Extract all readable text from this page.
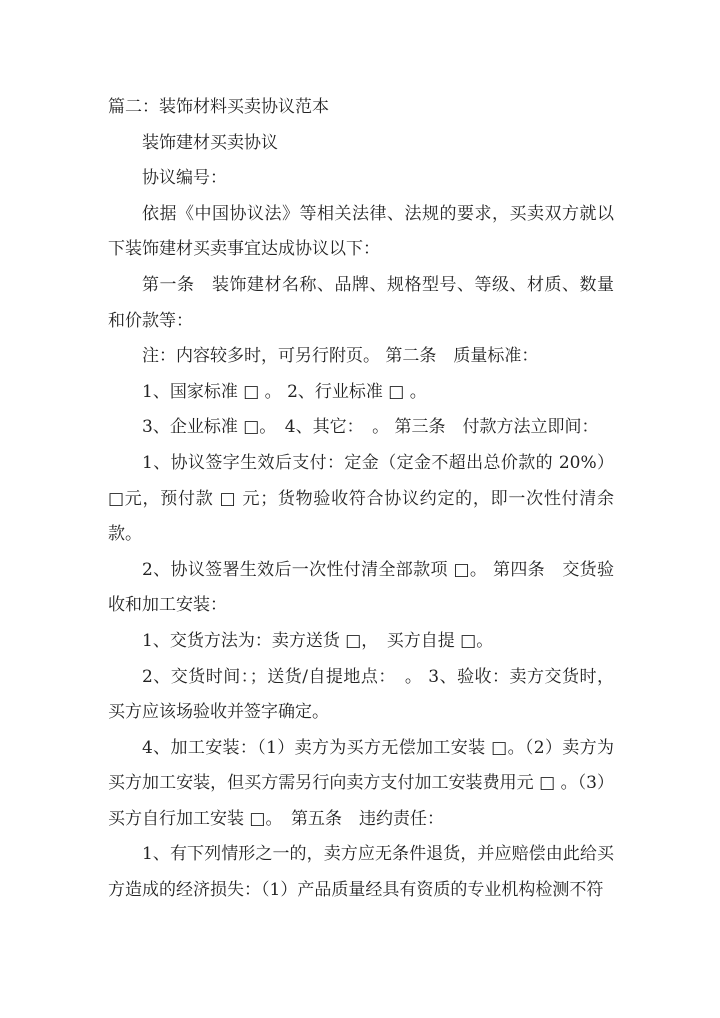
篇二：装饰材料买卖协议范本

装饰建材买卖协议

协议编号：

依据《中国协议法》等相关法律、法规的要求，买卖双方就以下装饰建材买卖事宜达成协议以下：

第一条　装饰建材名称、品牌、规格型号、等级、材质、数量和价款等：

注：内容较多时，可另行附页。 第二条　质量标准：

1、国家标准 □ 。 2、行业标准 □ 。

3、企业标准 □。　4、其它：　。 第三条　付款方法立即间：

1、协议签字生效后支付：定金（定金不超出总价款的 20%） □元，预付款 □ 元；货物验收符合协议约定的，即一次性付清余款。

2、协议签署生效后一次性付清全部款项 □。 第四条　交货验收和加工安装：

1、交货方法为：卖方送货 □，　买方自提 □。

2、交货时间：；送货/自提地点：　。 3、验收：卖方交货时，买方应该场验收并签字确定。

4、加工安装：（1）卖方为买方无偿加工安装 □。（2）卖方为买方加工安装，但买方需另行向卖方支付加工安装费用元 □ 。（3）买方自行加工安装 □。　第五条　违约责任：

1、有下列情形之一的，卖方应无条件退货，并应赔偿由此给买方造成的经济损失：（1）产品质量经具有资质的专业机构检测不符
